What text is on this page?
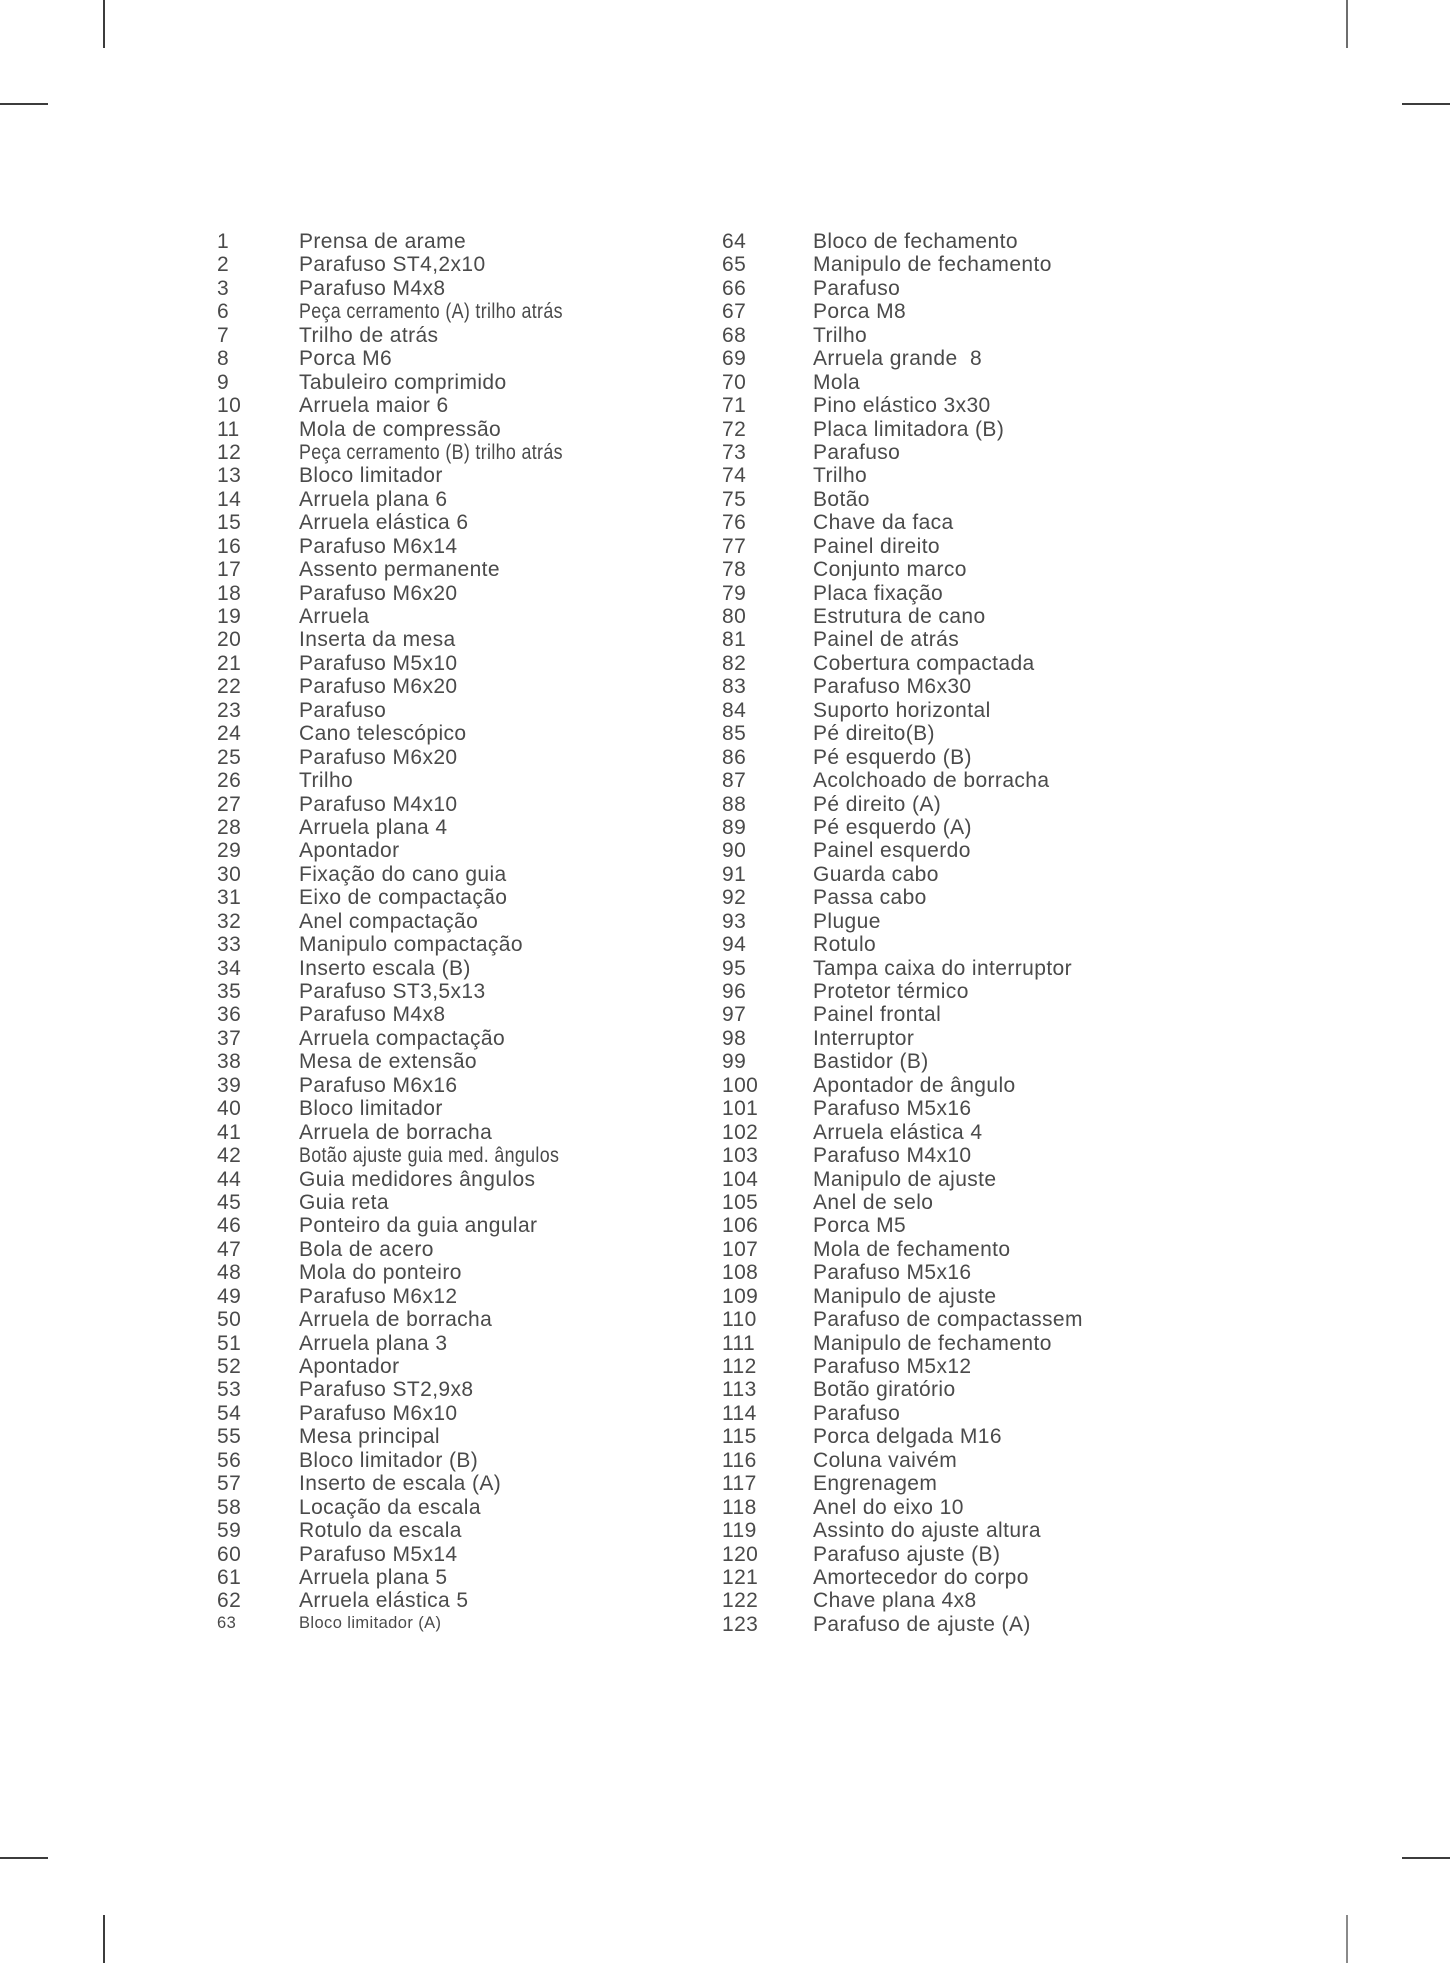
1	Prensa de arame
2	Parafuso ST4,2x10
3	Parafuso M4x8
6	Peça cerramento (A) trilho atrás
7	Trilho de atrás
8	Porca M6
9	Tabuleiro comprimido
10	Arruela maior 6
11	Mola de compressão
12	Peça cerramento (B) trilho atrás
13	Bloco limitador
14	Arruela plana 6
15	Arruela elástica 6
16	Parafuso M6x14
17	Assento permanente
18	Parafuso M6x20
19	Arruela
20	Inserta da mesa
21	Parafuso M5x10
22	Parafuso M6x20
23	Parafuso
24	Cano telescópico
25	Parafuso M6x20
26	Trilho
27	Parafuso M4x10
28	Arruela plana 4
29	Apontador
30	Fixação do cano guia
31	Eixo de compactação
32	Anel compactação
33	Manipulo compactação
34	Inserto escala (B)
35	Parafuso ST3,5x13
36	Parafuso M4x8
37	Arruela compactação
38	Mesa de extensão
39	Parafuso M6x16
40	Bloco limitador
41	Arruela de borracha
42	Botão ajuste guia med. ângulos
44	Guia medidores ângulos
45	Guia reta
46	Ponteiro da guia angular
47	Bola de acero
48	Mola do ponteiro
49	Parafuso M6x12
50	Arruela de borracha
51	Arruela plana 3
52	Apontador
53	Parafuso ST2,9x8
54	Parafuso M6x10
55	Mesa principal
56	Bloco limitador (B)
57	Inserto de escala (A)
58	Locação da escala
59	Rotulo da escala
60	Parafuso M5x14
61	Arruela plana 5
62	Arruela elástica 5
63	Bloco limitador (A)
64	Bloco de fechamento
65	Manipulo de fechamento
66	Parafuso
67	Porca M8
68	Trilho
69	Arruela grande  8
70	Mola
71	Pino elástico 3x30
72	Placa limitadora (B)
73	Parafuso
74	Trilho
75	Botão
76	Chave da faca
77	Painel direito
78	Conjunto marco
79	Placa fixação
80	Estrutura de cano
81	Painel de atrás
82	Cobertura compactada
83	Parafuso M6x30
84	Suporto horizontal
85	Pé direito(B)
86	Pé esquerdo (B)
87	Acolchoado de borracha
88	Pé direito (A)
89	Pé esquerdo (A)
90	Painel esquerdo
91	Guarda cabo
92	Passa cabo
93	Plugue
94	Rotulo
95	Tampa caixa do interruptor
96	Protetor térmico
97	Painel frontal
98	Interruptor
99	Bastidor (B)
100	Apontador de ângulo
101	Parafuso M5x16
102	Arruela elástica 4
103	Parafuso M4x10
104	Manipulo de ajuste
105	Anel de selo
106	Porca M5
107	Mola de fechamento
108	Parafuso M5x16
109	Manipulo de ajuste
110	Parafuso de compactassem
111	Manipulo de fechamento
112	Parafuso M5x12
113	Botão giratório
114	Parafuso
115	Porca delgada M16
116	Coluna vaivém
117	Engrenagem
118	Anel do eixo 10
119	Assinto do ajuste altura
120	Parafuso ajuste (B)
121	Amortecedor do corpo
122	Chave plana 4x8
123	Parafuso de ajuste (A)
